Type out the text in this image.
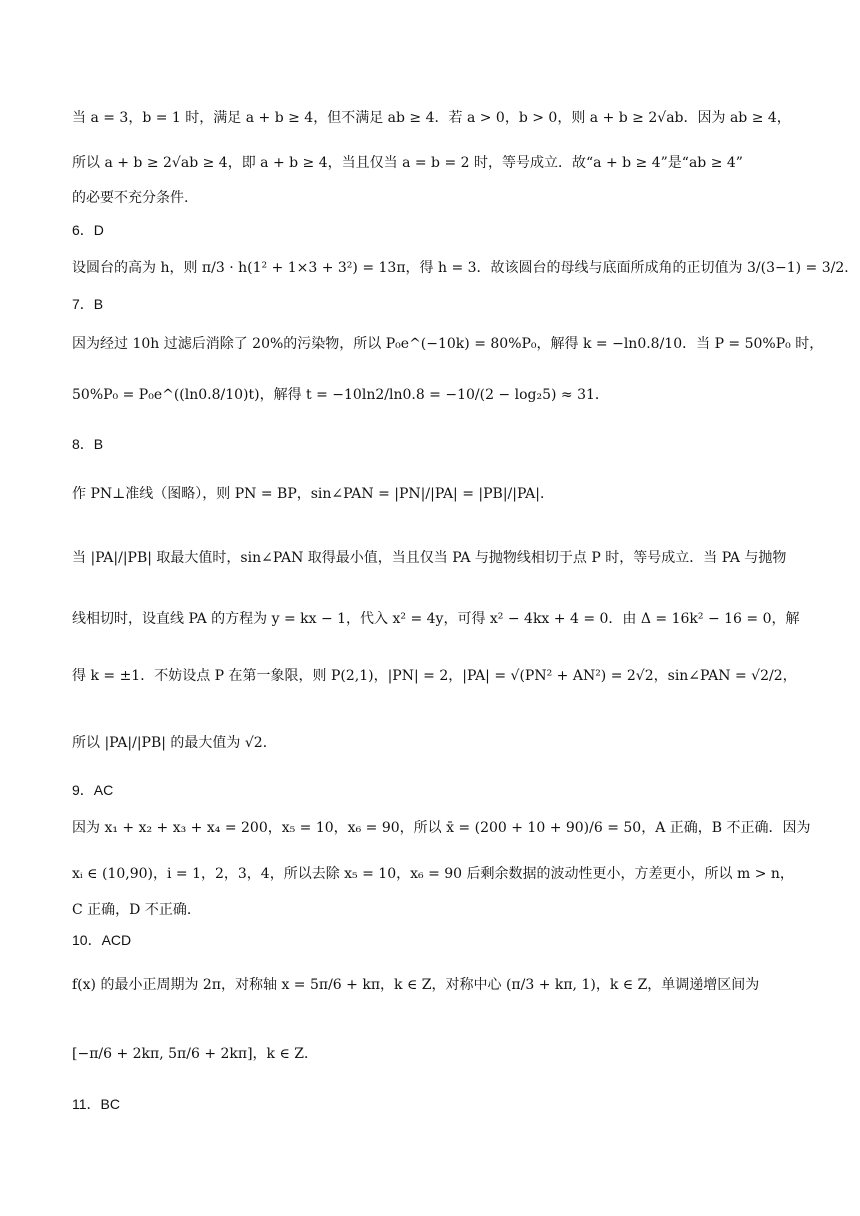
当 a = 3，b = 1 时，满足 a + b ≥ 4，但不满足 ab ≥ 4．若 a > 0，b > 0，则 a + b ≥ 2√ab．因为 ab ≥ 4，
所以 a + b ≥ 2√ab ≥ 4，即 a + b ≥ 4，当且仅当 a = b = 2 时，等号成立．故“a + b ≥ 4”是“ab ≥ 4”
的必要不充分条件.
6．D
设圆台的高为 h，则 π/3 · h(1² + 1×3 + 3²) = 13π，得 h = 3．故该圆台的母线与底面所成角的正切值为 3/(3−1) = 3/2．
7．B
因为经过 10h 过滤后消除了 20%的污染物，所以 P₀e^(−10k) = 80%P₀，解得 k = −ln0.8/10．当 P = 50%P₀ 时，
50%P₀ = P₀e^((ln0.8/10)t)，解得 t = −10ln2/ln0.8 = −10/(2 − log₂5) ≈ 31．
8．B
作 PN⊥准线（图略），则 PN = BP，sin∠PAN = |PN|/|PA| = |PB|/|PA|．
当 |PA|/|PB| 取最大值时，sin∠PAN 取得最小值，当且仅当 PA 与抛物线相切于点 P 时，等号成立．当 PA 与抛物
线相切时，设直线 PA 的方程为 y = kx − 1，代入 x² = 4y，可得 x² − 4kx + 4 = 0．由 Δ = 16k² − 16 = 0，解
得 k = ±1．不妨设点 P 在第一象限，则 P(2,1)，|PN| = 2，|PA| = √(PN² + AN²) = 2√2，sin∠PAN = √2/2，
所以 |PA|/|PB| 的最大值为 √2．
9．AC
因为 x₁ + x₂ + x₃ + x₄ = 200，x₅ = 10，x₆ = 90，所以 x̄ = (200 + 10 + 90)/6 = 50，A 正确，B 不正确．因为
xᵢ ∈ (10,90)，i = 1，2，3，4，所以去除 x₅ = 10，x₆ = 90 后剩余数据的波动性更小，方差更小，所以 m > n，
C 正确，D 不正确.
10．ACD
f(x) 的最小正周期为 2π，对称轴 x = 5π/6 + kπ，k ∈ Z，对称中心 (π/3 + kπ, 1)，k ∈ Z，单调递增区间为
[−π/6 + 2kπ, 5π/6 + 2kπ]，k ∈ Z．
11．BC
